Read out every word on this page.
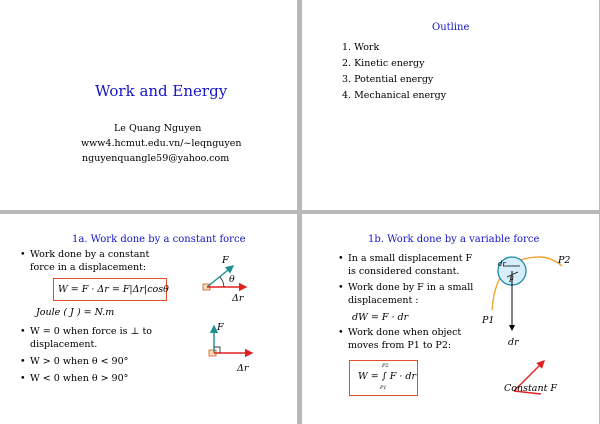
Work and Energy
Le Quang Nguyen
www4.hcmut.edu.vn/~leqnguyen
nguyenquangle59@yahoo.com
Outline
1. Work
2. Kinetic energy
3. Potential energy
4. Mechanical energy
1a. Work done by a constant force
• Work done by a constant
force in a displacement:
W = F · Δr = F|Δr|cosθ
Joule ( J ) = N.m
• W = 0 when force is ⊥ to
displacement.
• W > 0 when θ < 90°
• W < 0 when θ > 90°
F
θ
Δr
F
Δr
1b. Work done by a variable force
• In a small displacement F
is considered constant.
• Work done by F in a small
displacement :
dW = F · dr
• Work done when object
moves from P1 to P2:
W = ∫ F · dr
P2
P1
dr
F
P1
P2
dr
Constant F
